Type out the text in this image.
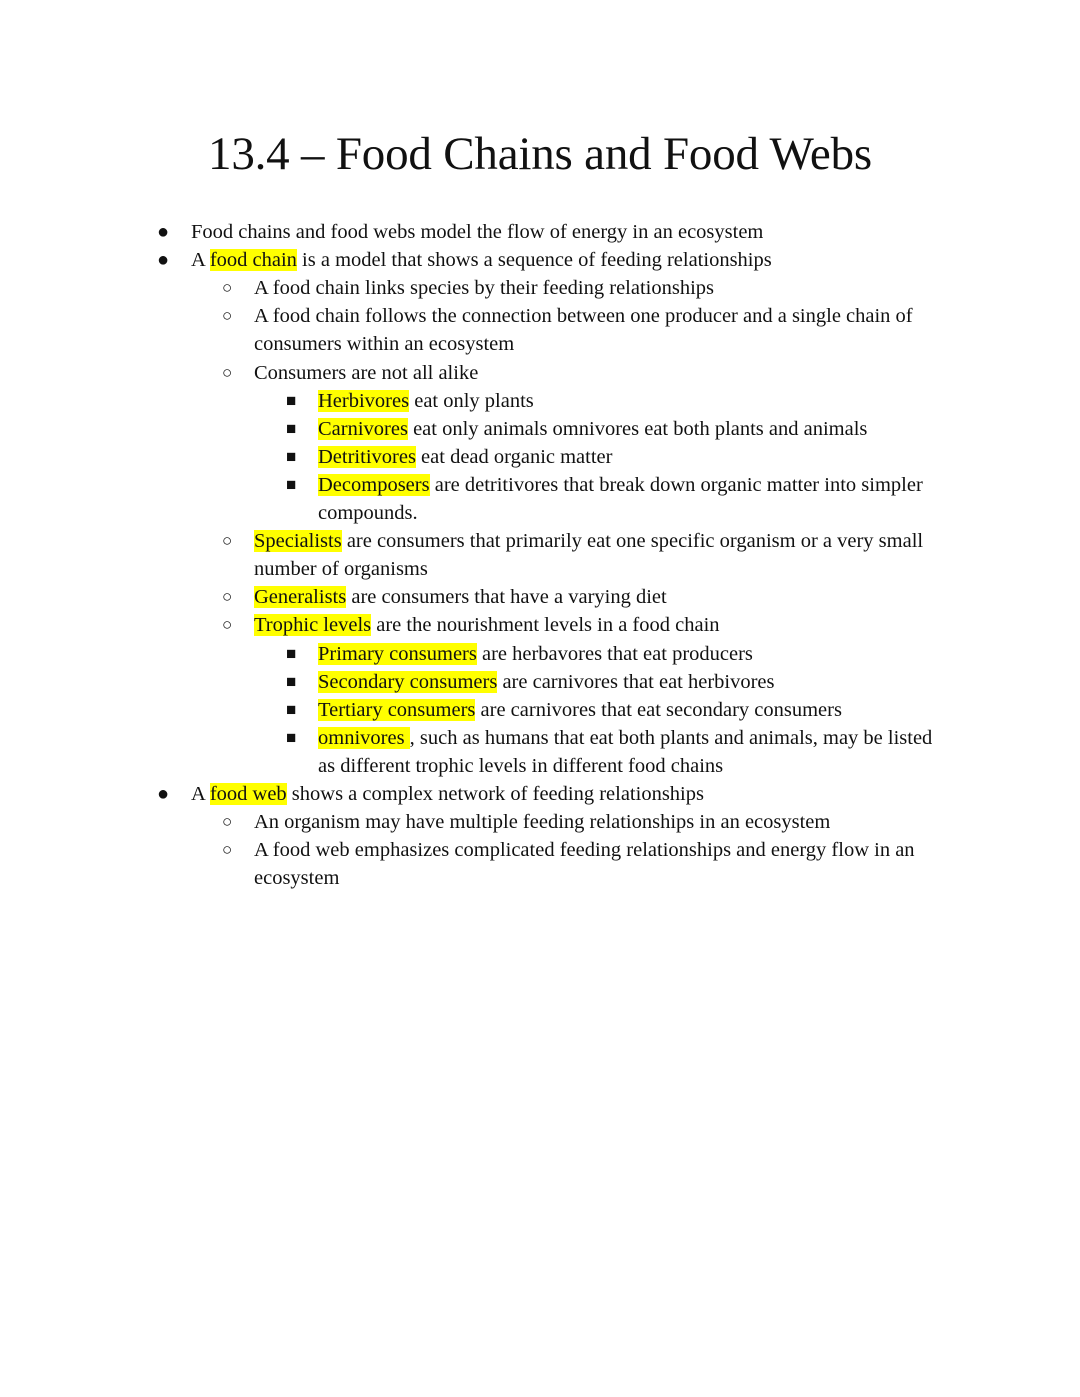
13.4 – Food Chains and Food Webs
● Food chains and food webs model the flow of energy in an ecosystem
● A food chain is a model that shows a sequence of feeding relationships
○ A food chain links species by their feeding relationships
○ A food chain follows the connection between one producer and a single chain of
consumers within an ecosystem
○ Consumers are not all alike
■ Herbivores eat only plants
■ Carnivores eat only animals omnivores eat both plants and animals
■ Detritivores eat dead organic matter
■ Decomposers are detritivores that break down organic matter into simpler
compounds.
○ Specialists are consumers that primarily eat one specific organism or a very small
number of organisms
○ Generalists are consumers that have a varying diet
○ Trophic levels are the nourishment levels in a food chain
■ Primary consumers are herbavores that eat producers
■ Secondary consumers are carnivores that eat herbivores
■ Tertiary consumers are carnivores that eat secondary consumers
■ omnivores , such as humans that eat both plants and animals, may be listed
as different trophic levels in different food chains
● A food web shows a complex network of feeding relationships
○ An organism may have multiple feeding relationships in an ecosystem
○ A food web emphasizes complicated feeding relationships and energy flow in an
ecosystem
